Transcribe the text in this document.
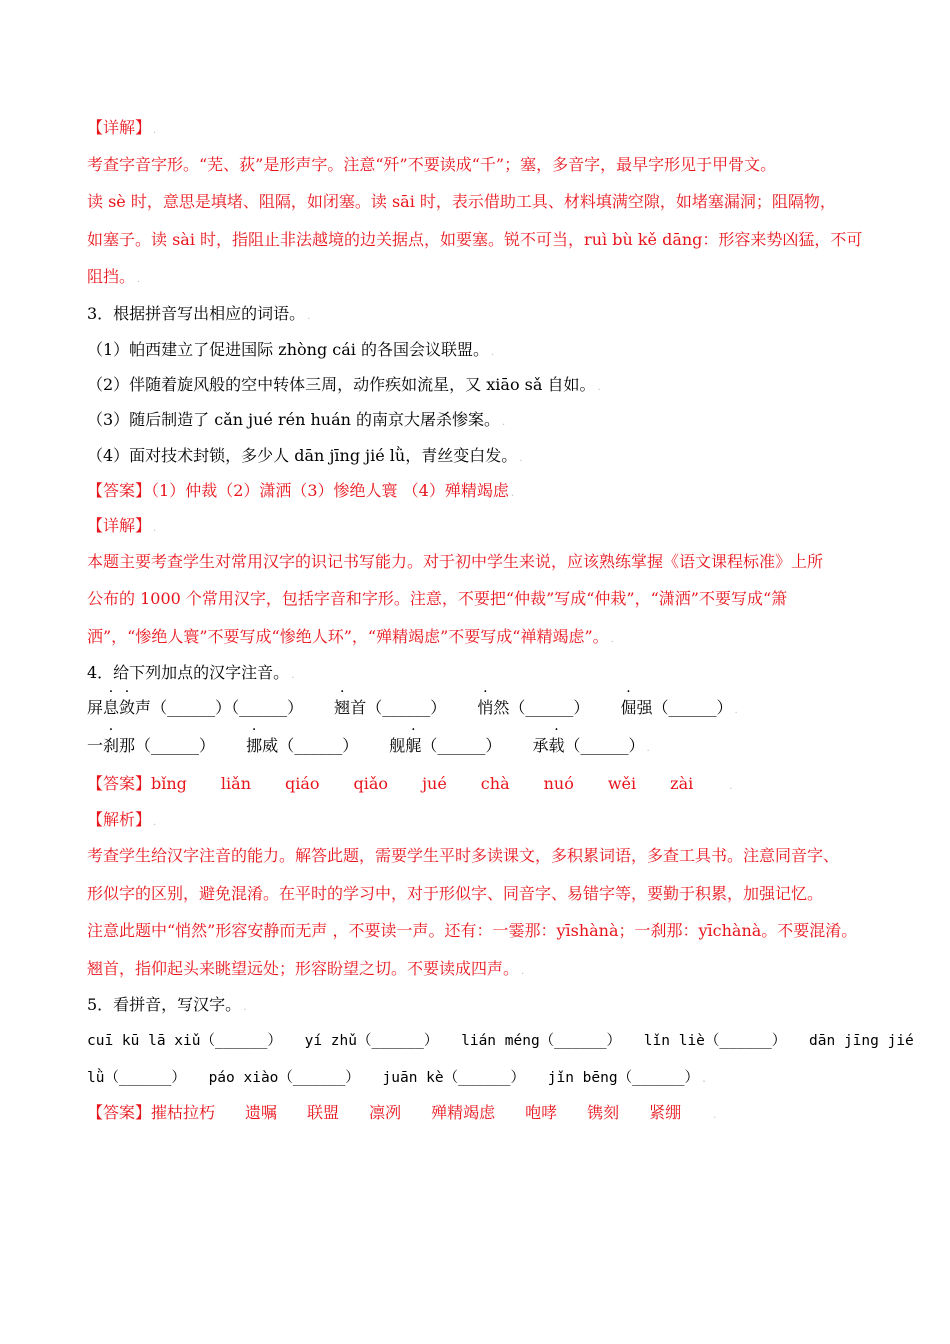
【详解】 .
考查字音字形。“芜、荻”是形声字。注意“歼”不要读成“千”；塞，多音字，最早字形见于甲骨文。
读 sè 时，意思是填堵、阻隔，如闭塞。读 sāi 时，表示借助工具、材料填满空隙，如堵塞漏洞；阻隔物，
如塞子。读 sài 时，指阻止非法越境的边关据点，如要塞。锐不可当，ruì bù kě dāng：形容来势凶猛，不可
阻挡。 .
3．根据拼音写出相应的词语。 .
（1）帕西建立了促进国际 zhòng cái 的各国会议联盟。 .
（2）伴随着旋风般的空中转体三周，动作疾如流星，又 xiāo sǎ 自如。 .
（3）随后制造了 cǎn jué rén huán 的南京大屠杀惨案。 .
（4）面对技术封锁，多少人 dān jīng jié lǜ，青丝变白发。 .
【答案】（1）仲裁（2）潇洒（3）惨绝人寰 （4）殚精竭虑 .
【详解】 .
本题主要考查学生对常用汉字的识记书写能力。对于初中学生来说，应该熟练掌握《语文课程标准》上所
公布的 1000 个常用汉字，包括字音和字形。注意，不要把“仲裁”写成“仲栽”，“潇洒”不要写成“箫
洒”，“惨绝人寰”不要写成“惨绝人环”，“殚精竭虑”不要写成“禅精竭虑”。 .
4．给下列加点的汉字注音。 .
屏息敛声（______）（______） 翘首（______） 悄然（______） 倔强（______） .
一刹那（______） 挪威（______） 舰艉（______） 承载（______） .
【答案】bǐng liǎn qiáo qiǎo jué chà nuó wěi zài	.
【解析】 .
考查学生给汉字注音的能力。解答此题，需要学生平时多读课文，多积累词语，多查工具书。注意同音字、
形似字的区别，避免混淆。在平时的学习中，对于形似字、同音字、易错字等，要勤于积累，加强记忆。
注意此题中“悄然”形容安静而无声 ，不要读一声。还有：一霎那：yīshànà；一刹那：yīchànà。不要混淆。
翘首，指仰起头来眺望远处；形容盼望之切。不要读成四声。 .
5．看拼音，写汉字。 .
cuī kū lā xiǔ（______） yí zhǔ（______） lián méng（______） lǐn liè（______） dān jīng jié
lǜ（______） páo xiào（______） juān kè（______） jǐn bēng（______） .
【答案】摧枯拉朽 遗嘱 联盟 凛冽 殚精竭虑 咆哮 镌刻 紧绷	.
